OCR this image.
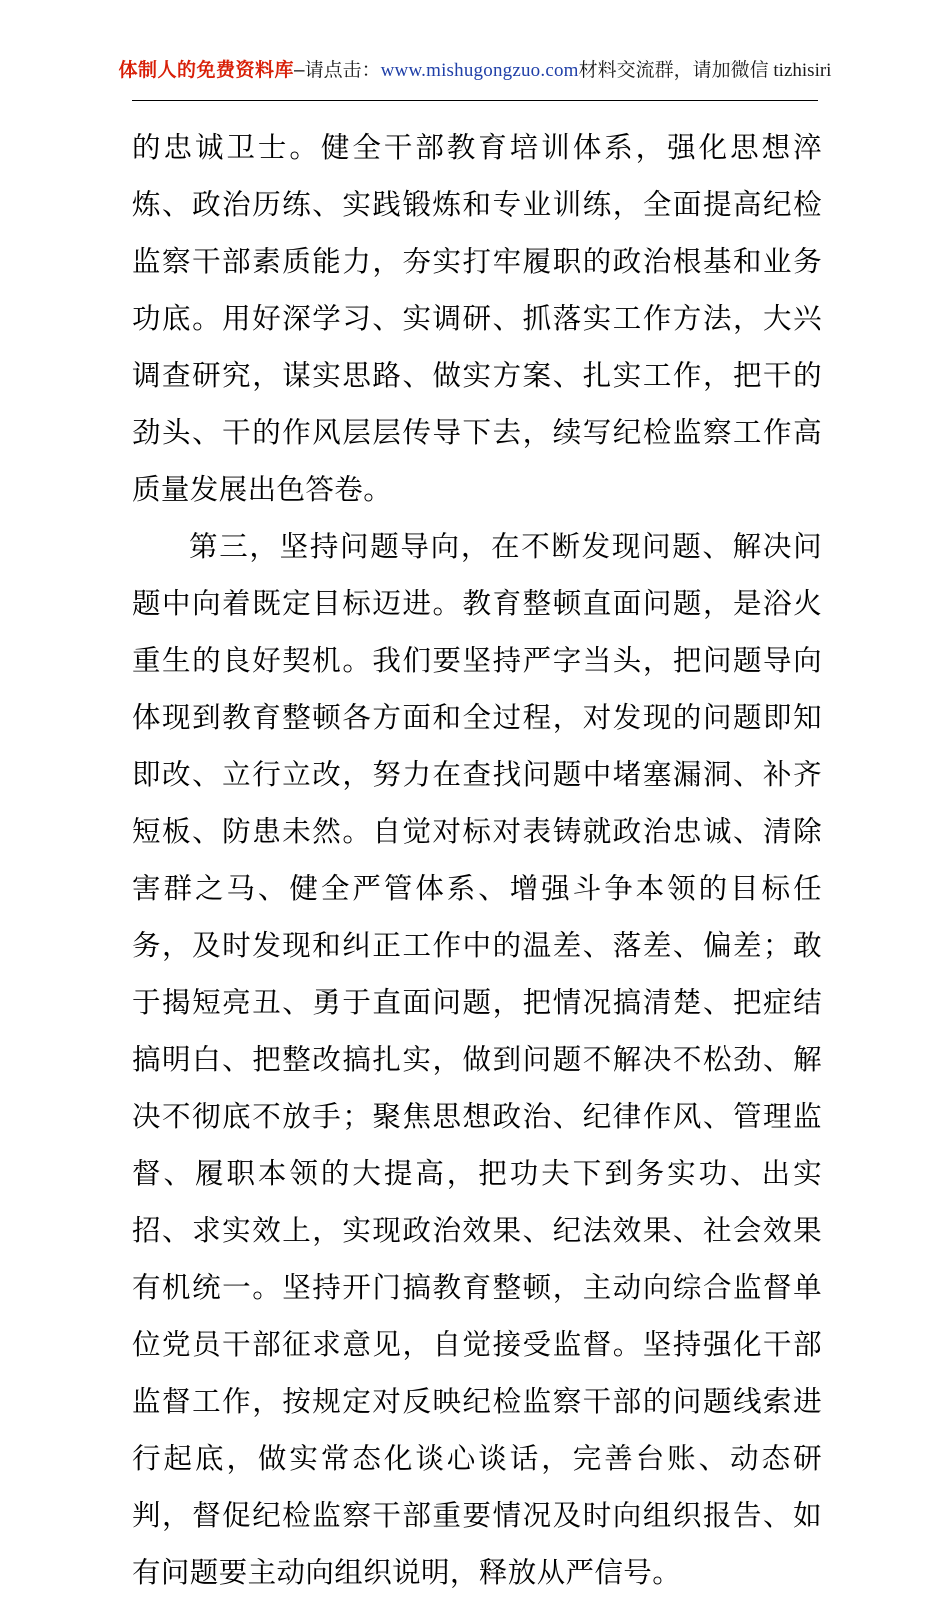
体制人的免费资料库–请点击：www.mishugongzuo.com材料交流群，请加微信 tizhisiri

的忠诚卫士。健全干部教育培训体系，强化思想淬炼、政治历练、实践锻炼和专业训练，全面提高纪检监察干部素质能力，夯实打牢履职的政治根基和业务功底。用好深学习、实调研、抓落实工作方法，大兴调查研究，谋实思路、做实方案、扎实工作，把干的劲头、干的作风层层传导下去，续写纪检监察工作高质量发展出色答卷。

第三，坚持问题导向，在不断发现问题、解决问题中向着既定目标迈进。教育整顿直面问题，是浴火重生的良好契机。我们要坚持严字当头，把问题导向体现到教育整顿各方面和全过程，对发现的问题即知即改、立行立改，努力在查找问题中堵塞漏洞、补齐短板、防患未然。自觉对标对表铸就政治忠诚、清除害群之马、健全严管体系、增强斗争本领的目标任务，及时发现和纠正工作中的温差、落差、偏差；敢于揭短亮丑、勇于直面问题，把情况搞清楚、把症结搞明白、把整改搞扎实，做到问题不解决不松劲、解决不彻底不放手；聚焦思想政治、纪律作风、管理监督、履职本领的大提高，把功夫下到务实功、出实招、求实效上，实现政治效果、纪法效果、社会效果有机统一。坚持开门搞教育整顿，主动向综合监督单位党员干部征求意见，自觉接受监督。坚持强化干部监督工作，按规定对反映纪检监察干部的问题线索进行起底，做实常态化谈心谈话，完善台账、动态研判，督促纪检监察干部重要情况及时向组织报告、如有问题要主动向组织说明，释放从严信号。
